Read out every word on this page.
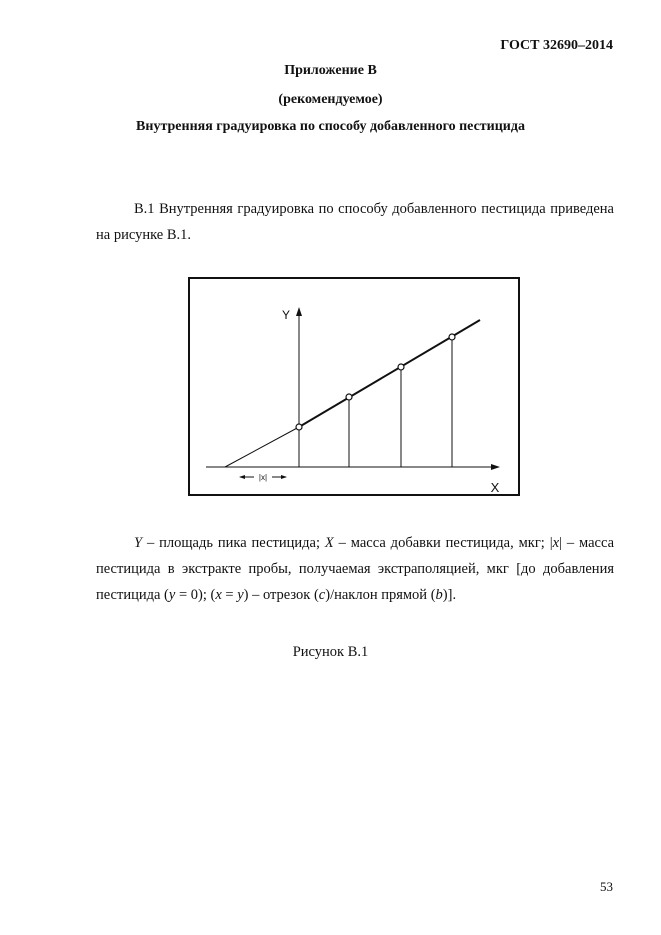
ГОСТ 32690–2014
Приложение В
(рекомендуемое)
Внутренняя градуировка по способу добавленного пестицида
В.1 Внутренняя градуировка по способу добавленного пестицида приведена на рисунке В.1.
|x|
Y
X
Y – площадь пика пестицида; X – масса добавки пестицида, мкг; |x| – масса пестицида в экстракте пробы, получаемая экстраполяцией, мкг [до добавления пестицида (y = 0); (x = y) – отрезок (c)/наклон прямой (b)].
Рисунок В.1
53
